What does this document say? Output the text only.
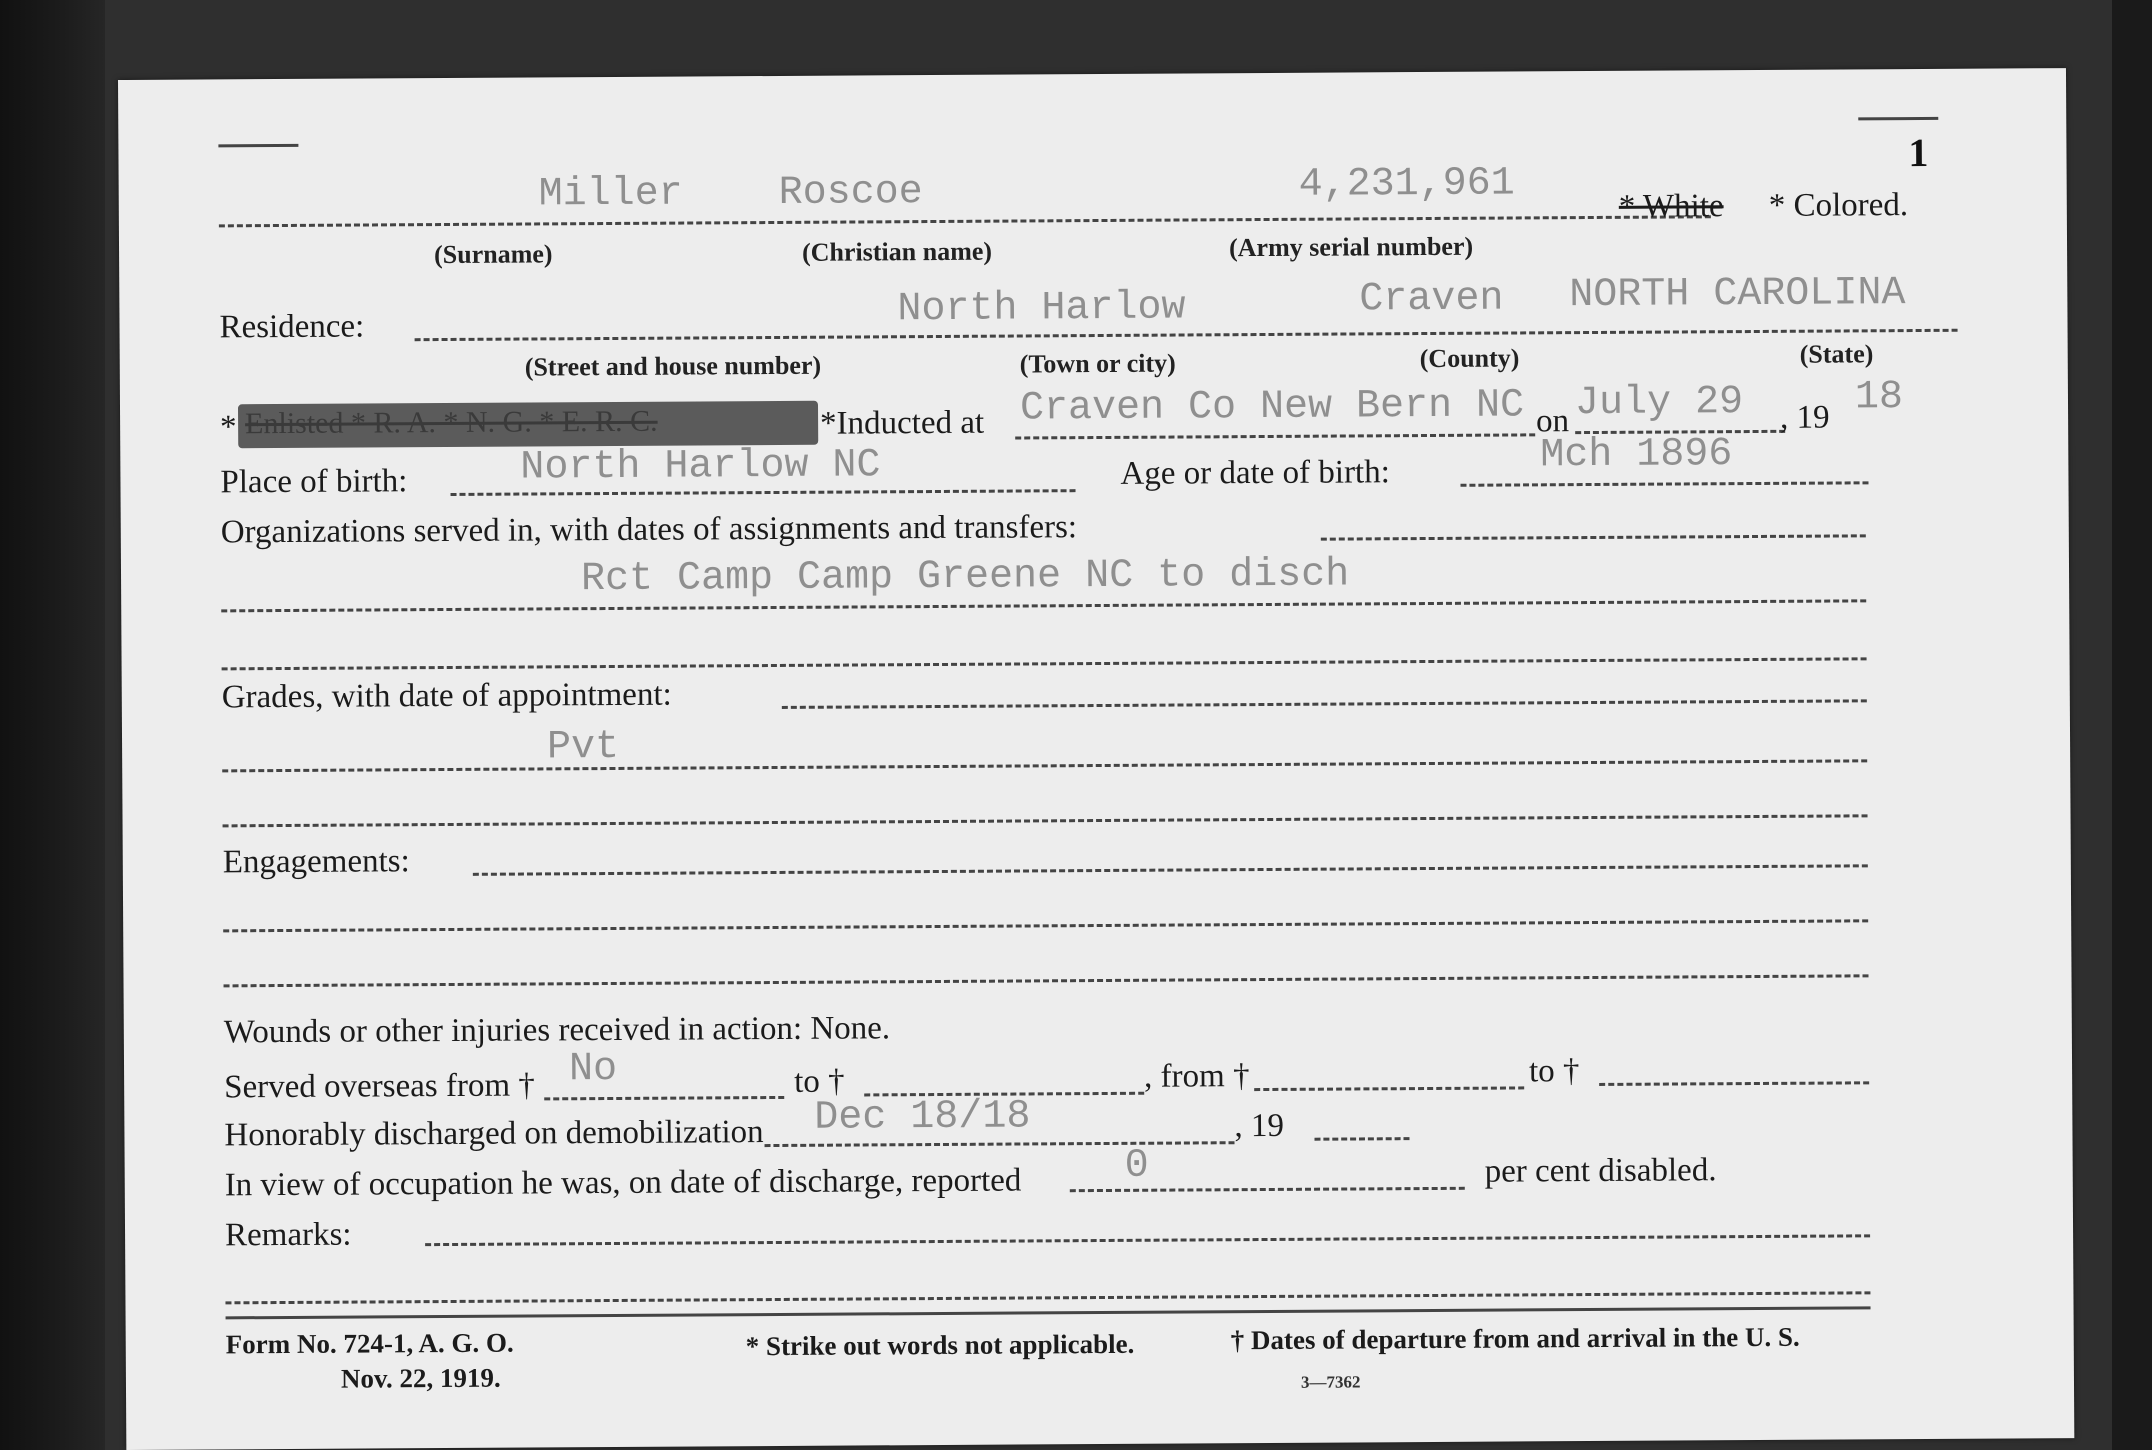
1
Miller Roscoe	4,231,961	* White * Colored.
(Surname)	(Christian name)	(Army serial number)
Residence:	North Harlow	Craven NORTH CAROLINA
(Street and house number)	(Town or city)	(County)	(State)
* Enlisted * R. A. * N. G. * E. R. C.	*Inducted at Craven Co New Bern NC on July 29 , 19 18
Place of birth:	North Harlow NC	Age or date of birth:	Mch 1896
Organizations served in, with dates of assignments and transfers:
Rct Camp Camp Greene NC to disch
Grades, with date of appointment:
Pvt
Engagements:
Wounds or other injuries received in action: None.
Served overseas from † No	to †	, from †	to †
Honorably discharged on demobilization Dec 18/18	, 19
In view of occupation he was, on date of discharge, reported	0	per cent disabled.
Remarks:
Form No. 724-1, A. G. O.
Nov. 22, 1919.
* Strike out words not applicable.	† Dates of departure from and arrival in the U. S.
3—7362
